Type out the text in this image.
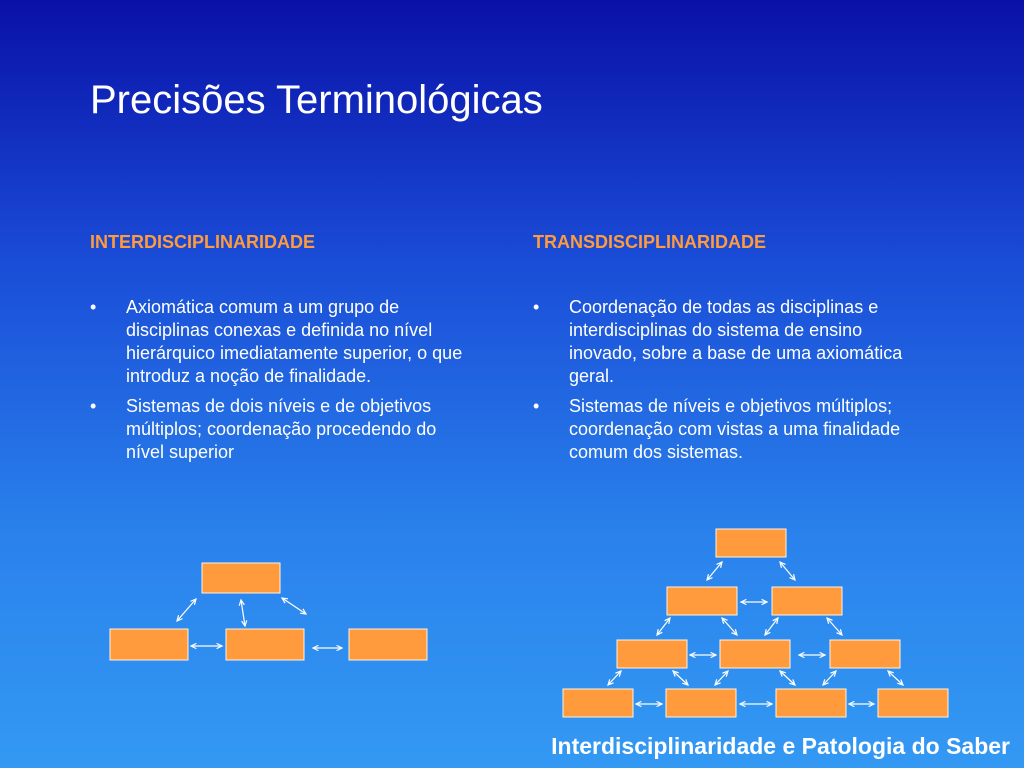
Precisões Terminológicas
INTERDISCIPLINARIDADE	TRANSDISCIPLINARIDADE
• Axiomática comum a um grupo de disciplinas conexas e definida no nível hierárquico imediatamente superior, o que introduz a noção de finalidade.
• Sistemas de dois níveis e de objetivos múltiplos; coordenação procedendo do nível superior
• Coordenação de todas as disciplinas e interdisciplinas do sistema de ensino inovado, sobre a base de uma axiomática geral.
• Sistemas de níveis e objetivos múltiplos; coordenação com vistas a uma finalidade comum dos sistemas.
Interdisciplinaridade e Patologia do Saber
